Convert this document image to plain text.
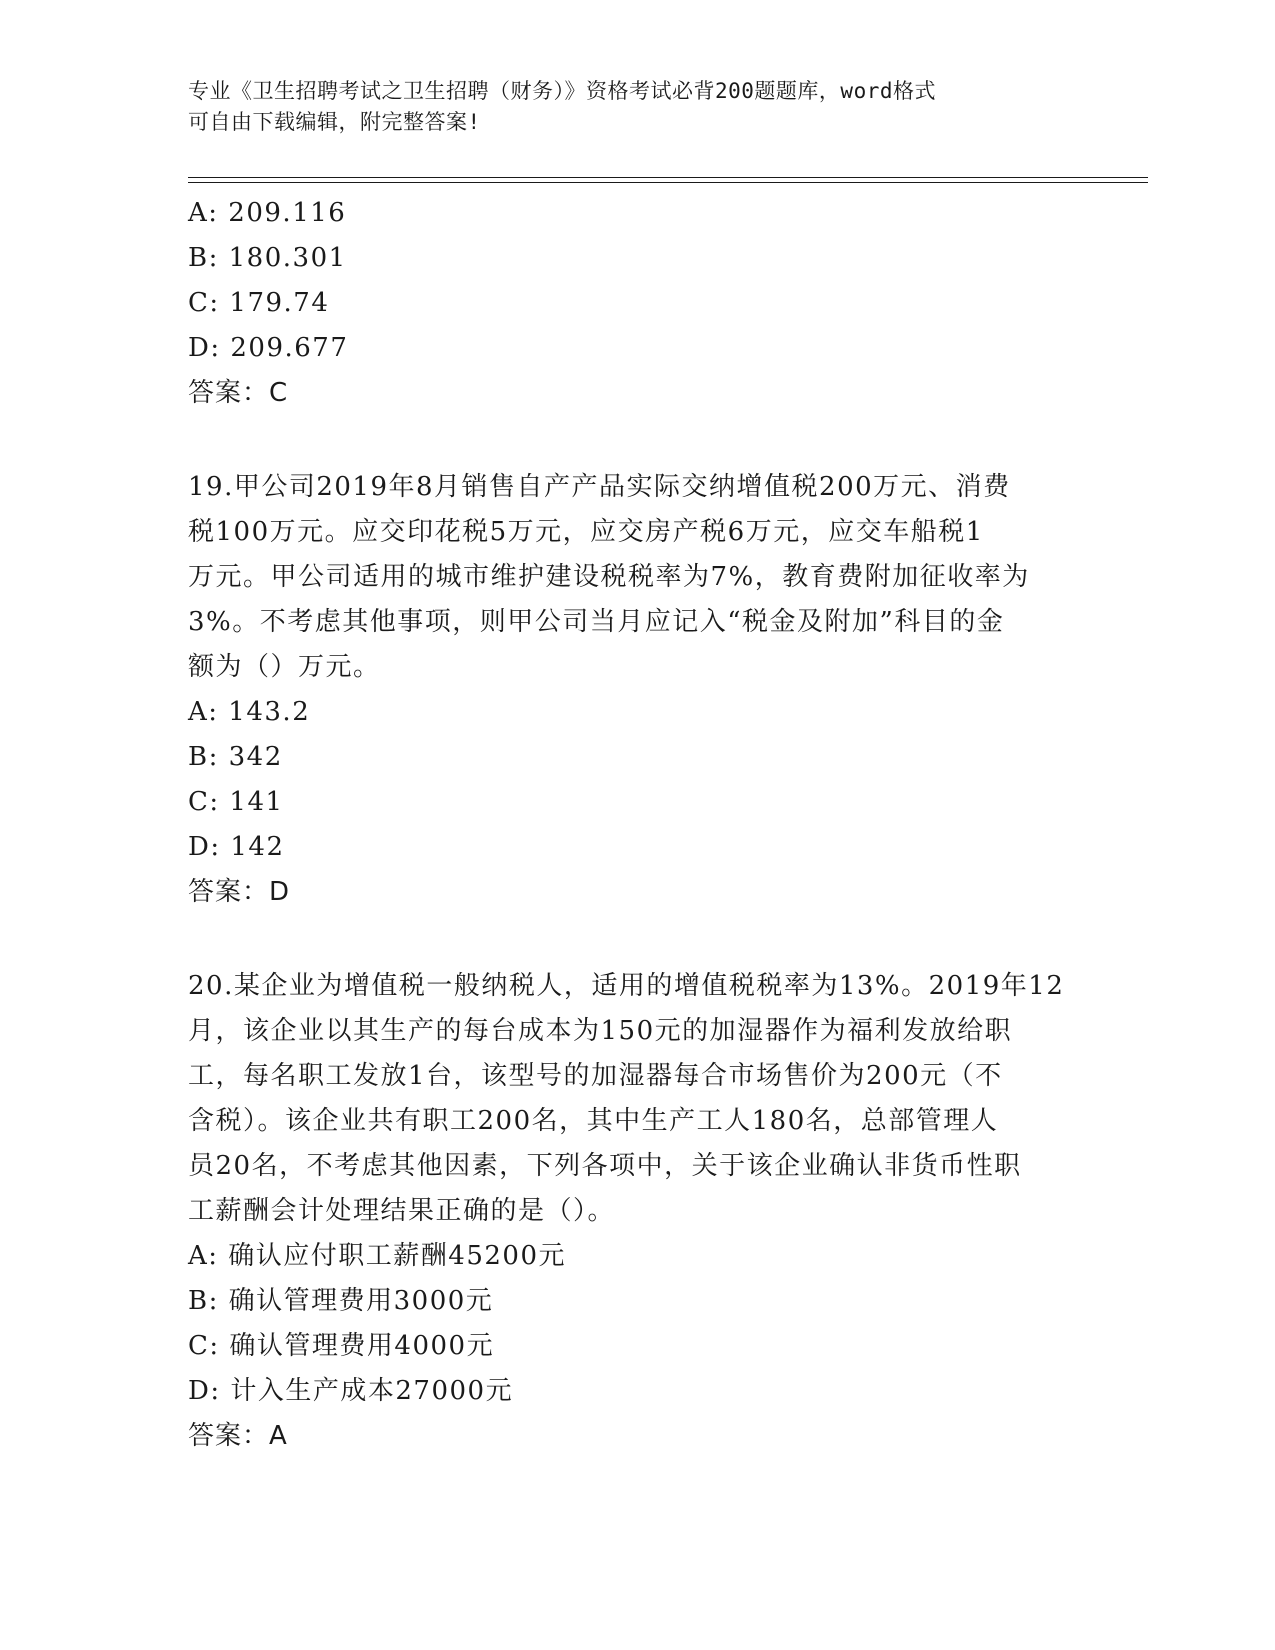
专业《卫生招聘考试之卫生招聘（财务）》资格考试必背200题题库，word格式
可自由下载编辑，附完整答案!
A: 209.116
B: 180.301
C: 179.74
D: 209.677
答案：C
19.甲公司2019年8月销售自产产品实际交纳增值税200万元、消费
税100万元。应交印花税5万元，应交房产税6万元，应交车船税1
万元。甲公司适用的城市维护建设税税率为7%，教育费附加征收率为
3%。不考虑其他事项，则甲公司当月应记入“税金及附加”科目的金
额为（）万元。
A: 143.2
B: 342
C: 141
D: 142
答案：D
20.某企业为增值税一般纳税人，适用的增值税税率为13%。2019年12
月，该企业以其生产的每台成本为150元的加湿器作为福利发放给职
工，每名职工发放1台，该型号的加湿器每合市场售价为200元（不
含税）。该企业共有职工200名，其中生产工人180名，总部管理人
员20名，不考虑其他因素，下列各项中，关于该企业确认非货币性职
工薪酬会计处理结果正确的是（）。
A: 确认应付职工薪酬45200元
B: 确认管理费用3000元
C: 确认管理费用4000元
D: 计入生产成本27000元
答案：A
